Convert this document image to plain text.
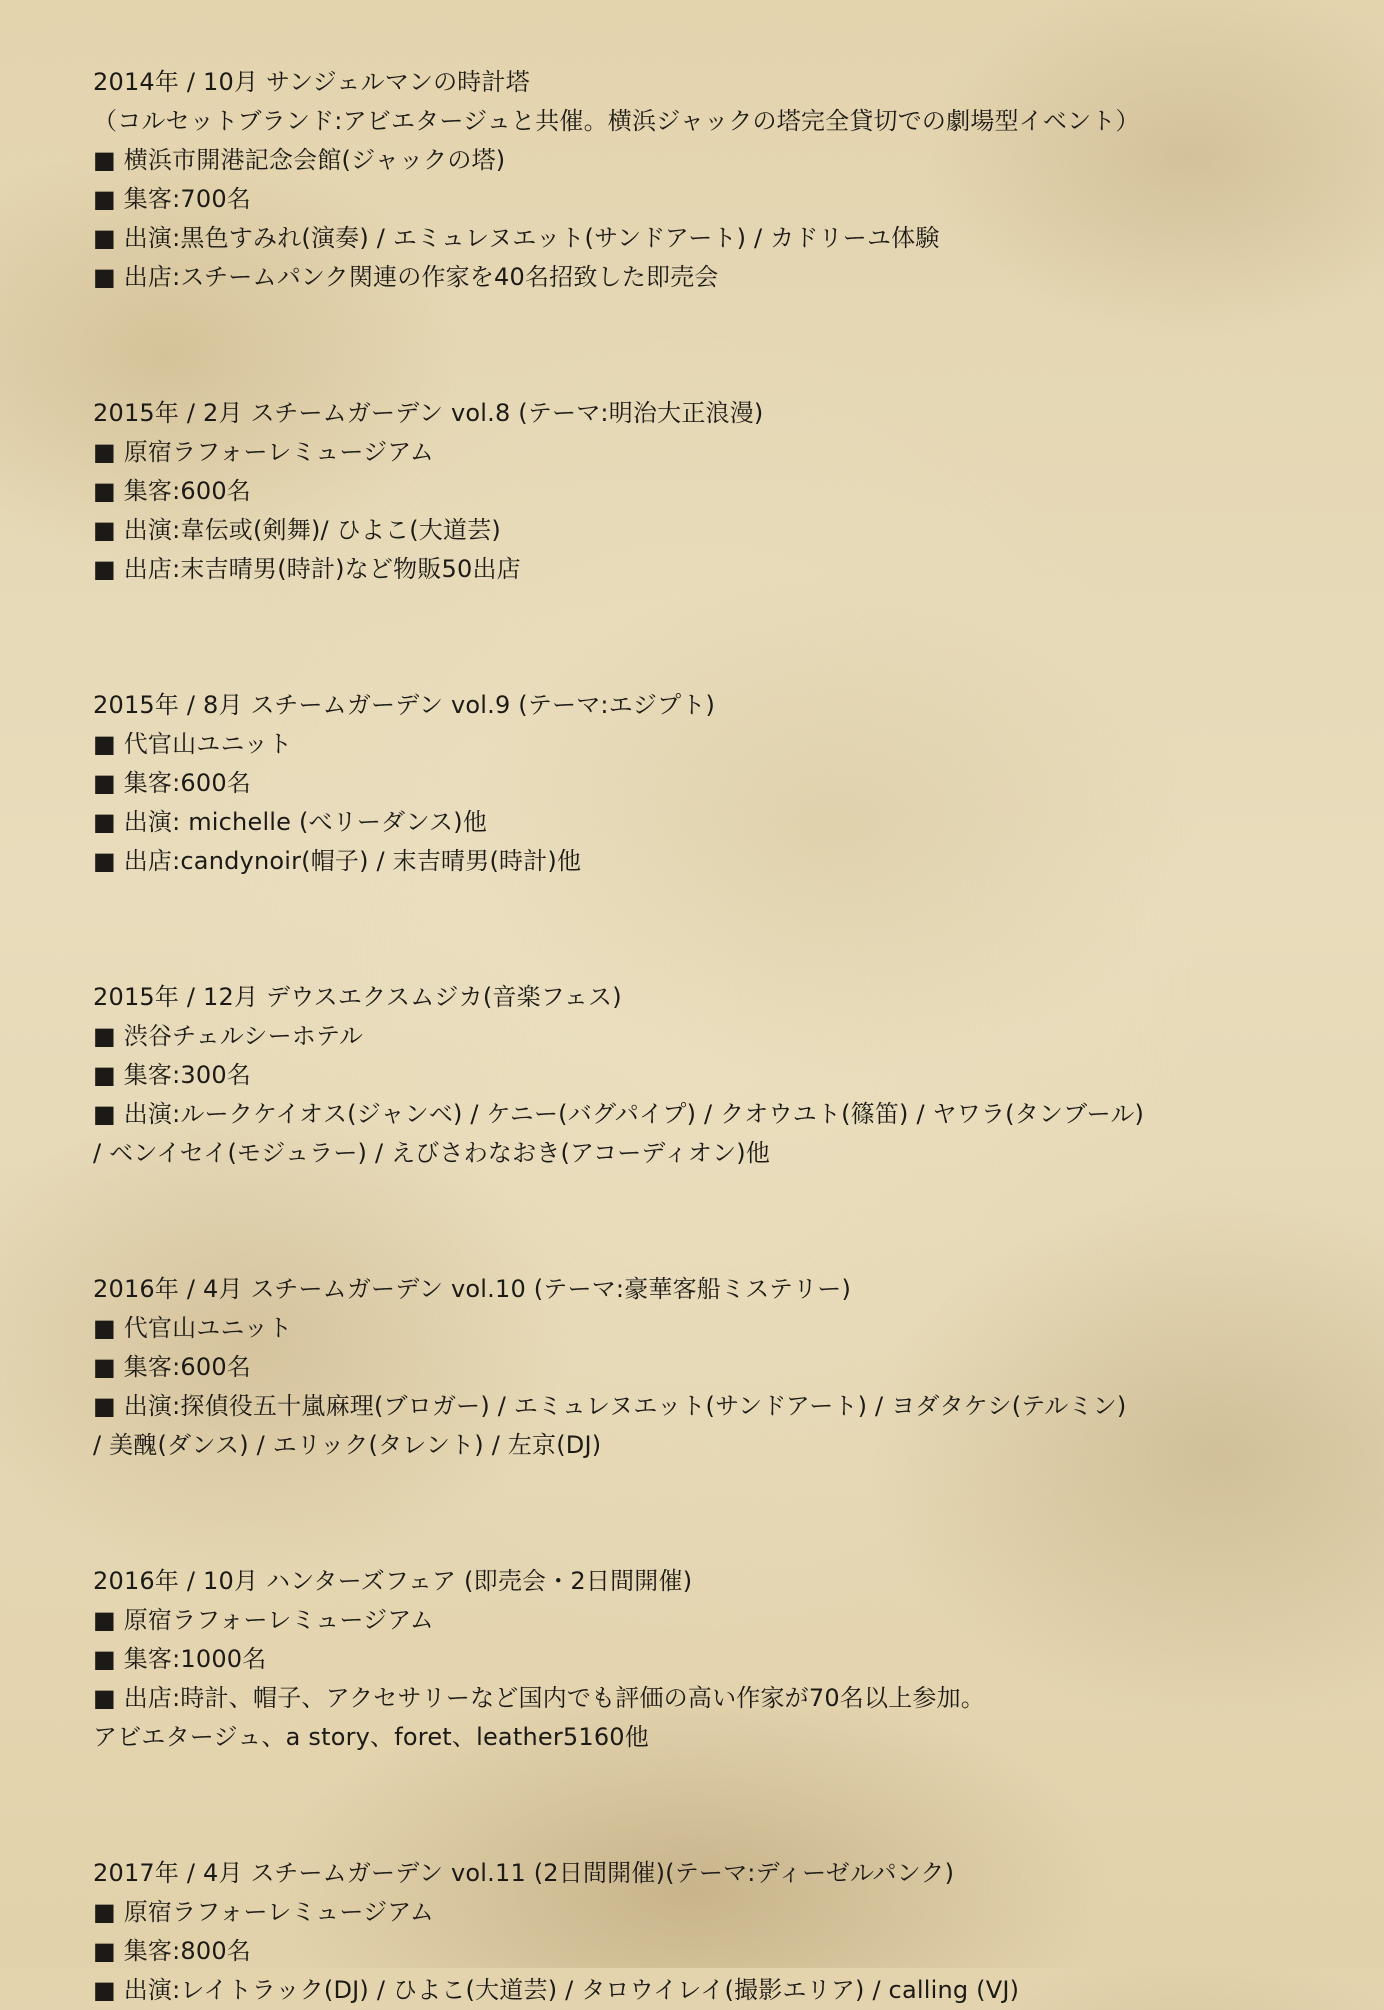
2014年 / 10月 サンジェルマンの時計塔
（コルセットブランド:アビエタージュと共催。横浜ジャックの塔完全貸切での劇場型イベント）
■ 横浜市開港記念会館(ジャックの塔)
■ 集客:700名
■ 出演:黒色すみれ(演奏) / エミュレヌエット(サンドアート) / カドリーユ体験
■ 出店:スチームパンク関連の作家を40名招致した即売会
2015年 / 2月 スチームガーデン vol.8 (テーマ:明治大正浪漫)
■ 原宿ラフォーレミュージアム
■ 集客:600名
■ 出演:韋伝或(剣舞)/ ひよこ(大道芸)
■ 出店:末吉晴男(時計)など物販50出店
2015年 / 8月 スチームガーデン vol.9 (テーマ:エジプト)
■ 代官山ユニット
■ 集客:600名
■ 出演: michelle (べリーダンス)他
■ 出店:candynoir(帽子) / 末吉晴男(時計)他
2015年 / 12月 デウスエクスムジカ(音楽フェス)
■ 渋谷チェルシーホテル
■ 集客:300名
■ 出演:ルークケイオス(ジャンベ) / ケニー(バグパイプ) / クオウユト(篠笛) / ヤワラ(タンブール)
/ ベンイセイ(モジュラー) / えびさわなおき(アコーディオン)他
2016年 / 4月 スチームガーデン vol.10 (テーマ:豪華客船ミステリー)
■ 代官山ユニット
■ 集客:600名
■ 出演:探偵役五十嵐麻理(ブロガー) / エミュレヌエット(サンドアート) / ヨダタケシ(テルミン)
/ 美醜(ダンス) / エリック(タレント) / 左京(DJ)
2016年 / 10月 ハンターズフェア (即売会・2日間開催)
■ 原宿ラフォーレミュージアム
■ 集客:1000名
■ 出店:時計、帽子、アクセサリーなど国内でも評価の高い作家が70名以上参加。
アビエタージュ、a story、foret、leather5160他
2017年 / 4月 スチームガーデン vol.11 (2日間開催)(テーマ:ディーゼルパンク)
■ 原宿ラフォーレミュージアム
■ 集客:800名
■ 出演:レイトラック(DJ) / ひよこ(大道芸) / タロウイレイ(撮影エリア) / calling (VJ)
